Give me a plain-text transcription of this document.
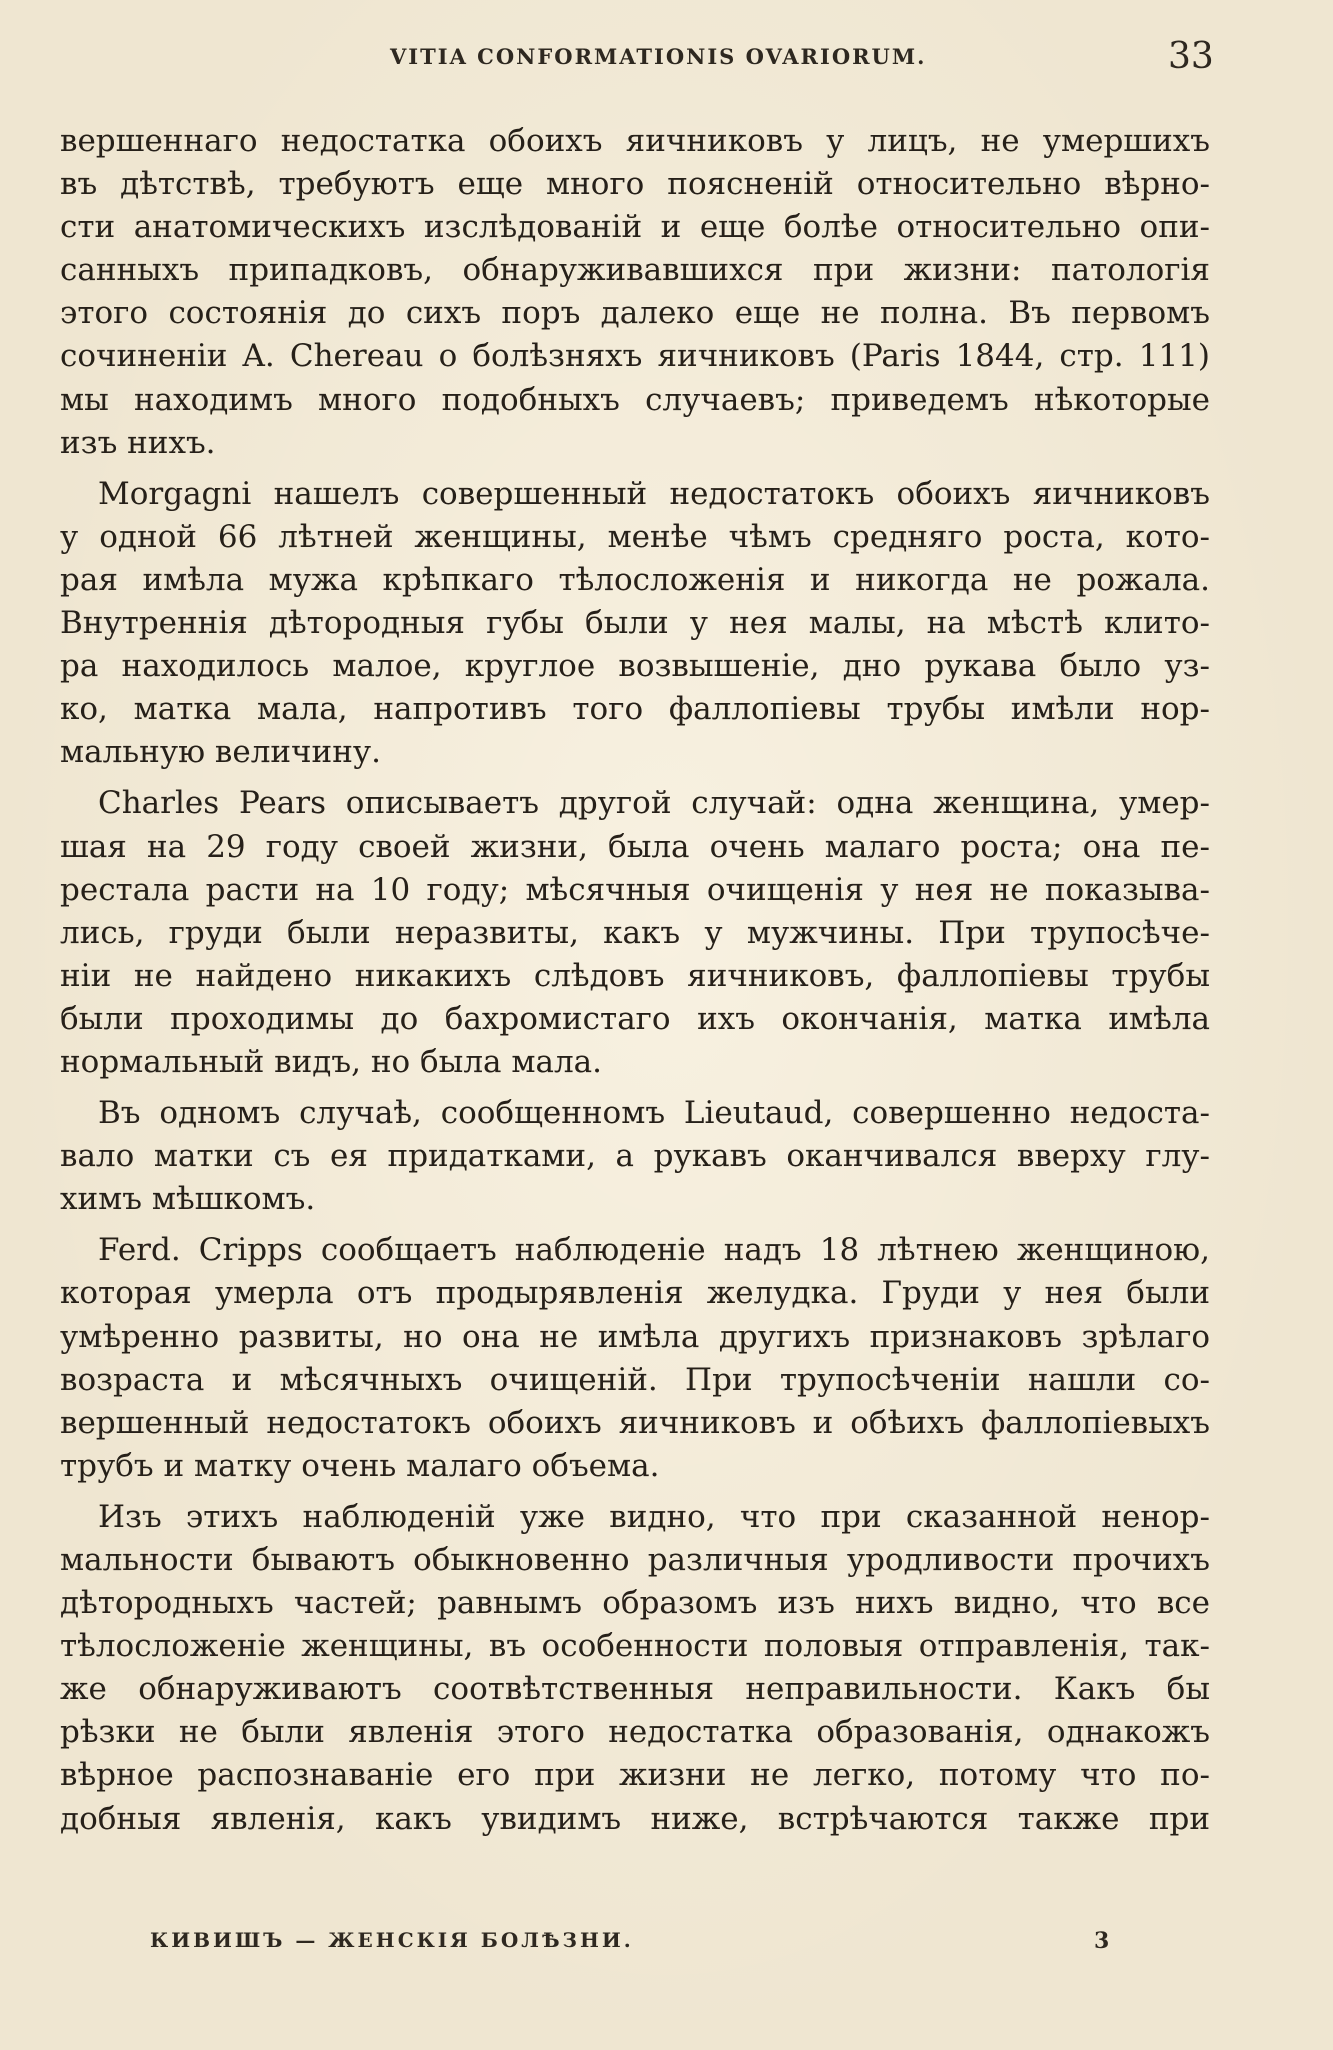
VITIA CONFORMATIONIS OVARIORUM.	33
вершеннаго недостатка обоихъ яичниковъ у лицъ, не умершихъ
въ дѣтствѣ, требуютъ еще много поясненій относительно вѣрно-
сти анатомическихъ изслѣдованій и еще болѣе относительно опи-
санныхъ припадковъ, обнаруживавшихся при жизни: патологія
этого состоянія до сихъ поръ далеко еще не полна. Въ первомъ
сочиненіи A. Chereau о болѣзняхъ яичниковъ (Paris 1844, стр. 111)
мы находимъ много подобныхъ случаевъ; приведемъ нѣкоторые
изъ нихъ.
Morgagni нашелъ совершенный недостатокъ обоихъ яичниковъ
у одной 66 лѣтней женщины, менѣе чѣмъ средняго роста, кото-
рая имѣла мужа крѣпкаго тѣлосложенія и никогда не рожала.
Внутреннія дѣтородныя губы были у нея малы, на мѣстѣ клито-
ра находилось малое, круглое возвышеніе, дно рукава было уз-
ко, матка мала, напротивъ того фаллопіевы трубы имѣли нор-
мальную величину.
Charles Pears описываетъ другой случай: одна женщина, умер-
шая на 29 году своей жизни, была очень малаго роста; она пе-
рестала расти на 10 году; мѣсячныя очищенія у нея не показыва-
лись, груди были неразвиты, какъ у мужчины. При трупосѣче-
ніи не найдено никакихъ слѣдовъ яичниковъ, фаллопіевы трубы
были проходимы до бахромистаго ихъ окончанія, матка имѣла
нормальный видъ, но была мала.
Въ одномъ случаѣ, сообщенномъ Lieutaud, совершенно недоста-
вало матки съ ея придатками, а рукавъ оканчивался вверху глу-
химъ мѣшкомъ.
Ferd. Cripps сообщаетъ наблюденіе надъ 18 лѣтнею женщиною,
которая умерла отъ продырявленія желудка. Груди у нея были
умѣренно развиты, но она не имѣла другихъ признаковъ зрѣлаго
возраста и мѣсячныхъ очищеній. При трупосѣченіи нашли со-
вершенный недостатокъ обоихъ яичниковъ и обѣихъ фаллопіевыхъ
трубъ и матку очень малаго объема.
Изъ этихъ наблюденій уже видно, что при сказанной ненор-
мальности бываютъ обыкновенно различныя уродливости прочихъ
дѣтородныхъ частей; равнымъ образомъ изъ нихъ видно, что все
тѣлосложеніе женщины, въ особенности половыя отправленія, так-
же обнаруживаютъ соотвѣтственныя неправильности. Какъ бы
рѣзки не были явленія этого недостатка образованія, однакожъ
вѣрное распознаваніе его при жизни не легко, потому что по-
добныя явленія, какъ увидимъ ниже, встрѣчаются также при
КИВИШЪ — ЖЕНСКІЯ БОЛѢЗНИ.	3
